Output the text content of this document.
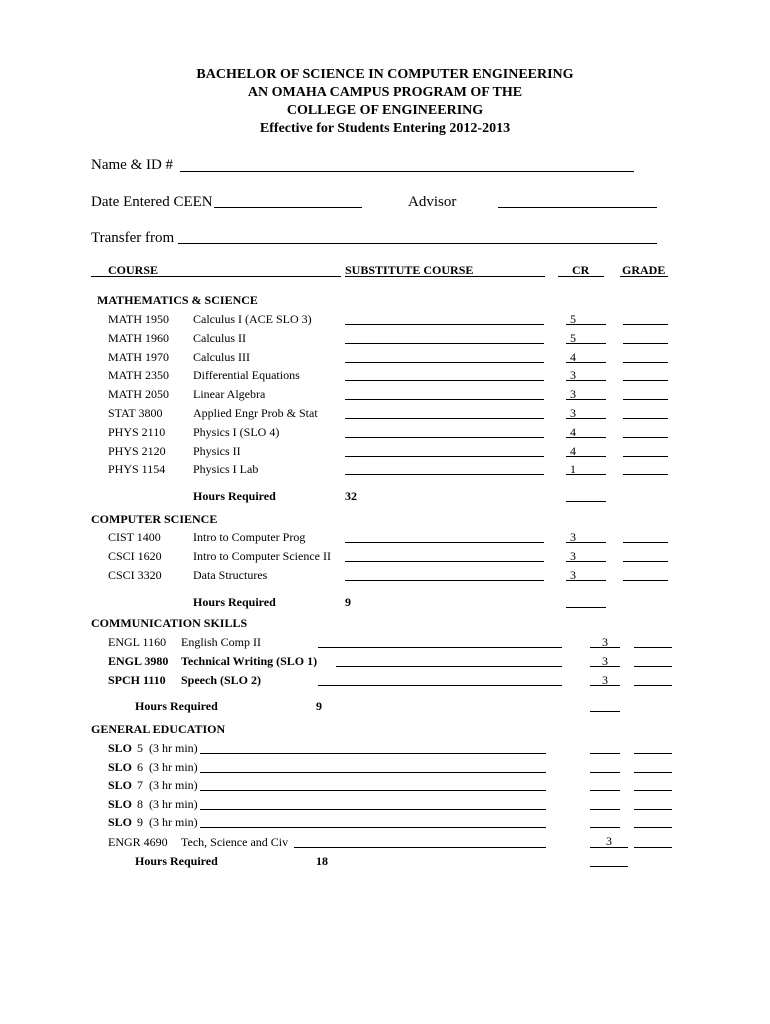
BACHELOR OF SCIENCE IN COMPUTER ENGINEERING
AN OMAHA CAMPUS PROGRAM OF THE
COLLEGE OF ENGINEERING
Effective for Students Entering 2012-2013
Name & ID #
Date Entered CEEN	Advisor
Transfer from
COURSE	SUBSTITUTE COURSE	CR	GRADE
MATHEMATICS & SCIENCE
MATH 1950 Calculus I (ACE SLO 3)	5
MATH 1960 Calculus II	5
MATH 1970 Calculus III	4
MATH 2350 Differential Equations	3
MATH 2050 Linear Algebra	3
STAT 3800	Applied Engr Prob & Stat	3
PHYS 2110 Physics I (SLO 4)	4
PHYS 2120 Physics II	4
PHYS 1154 Physics I Lab	1
Hours Required	32
COMPUTER SCIENCE
CIST 1400	Intro to Computer Prog	3
CSCI 1620	Intro to Computer Science II	3
CSCI 3320	Data Structures	3
Hours Required	9
COMMUNICATION SKILLS
ENGL 1160 English Comp II	3
ENGL 3980 Technical Writing (SLO 1)	3
SPCH 1110 Speech (SLO 2)	3
Hours Required	9
GENERAL EDUCATION
SLO 5 (3 hr min)
SLO 6 (3 hr min)
SLO 7 (3 hr min)
SLO 8 (3 hr min)
SLO 9 (3 hr min)
ENGR 4690 Tech, Science and Civ	3
Hours Required	18
